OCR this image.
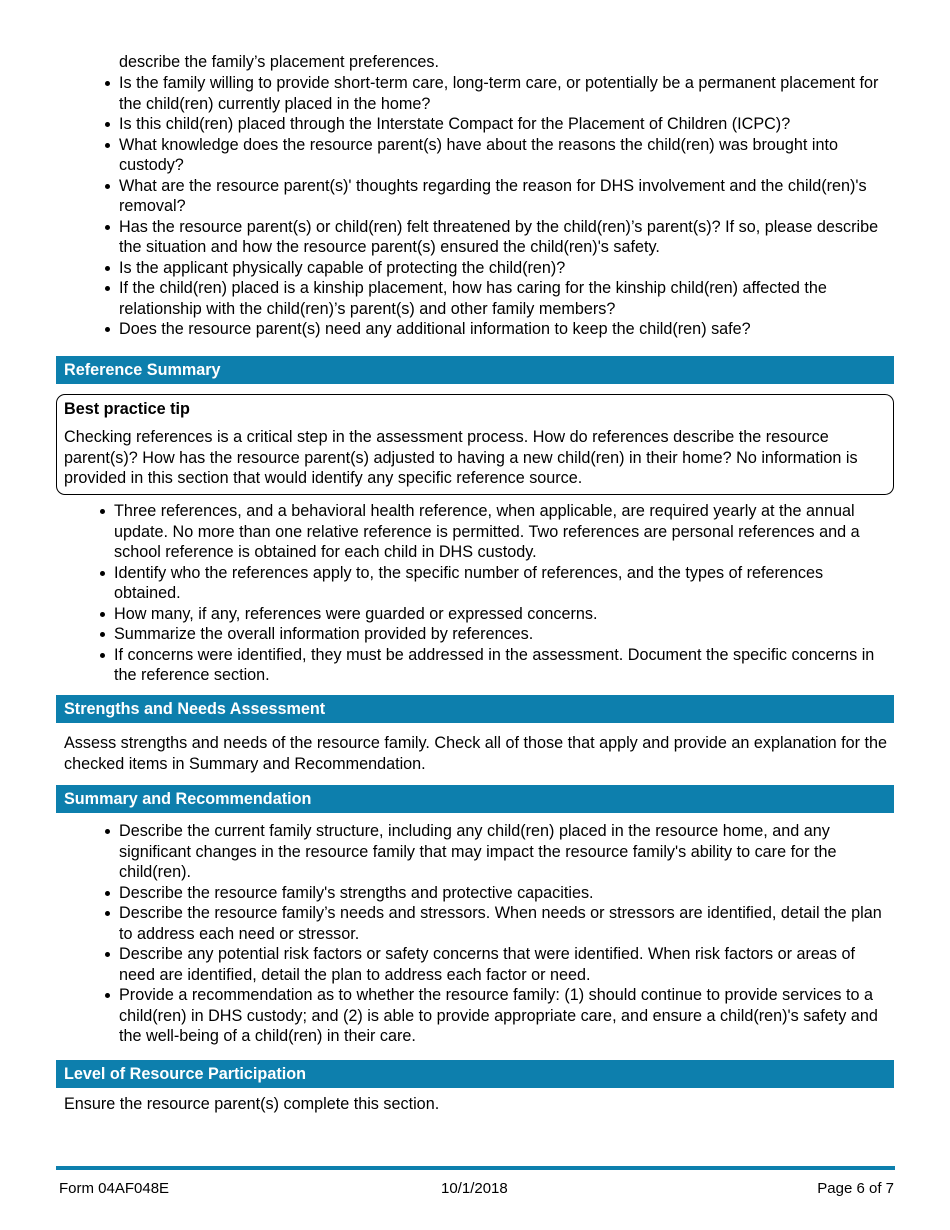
describe the family’s placement preferences.

Is the family willing to provide short-term care, long-term care, or potentially be a permanent placement for the child(ren) currently placed in the home?
Is this child(ren) placed through the Interstate Compact for the Placement of Children (ICPC)?
What knowledge does the resource parent(s) have about the reasons the child(ren) was brought into custody?
What are the resource parent(s)' thoughts regarding the reason for DHS involvement and the child(ren)'s removal?
Has the resource parent(s) or child(ren) felt threatened by the child(ren)’s parent(s)? If so, please describe the situation and how the resource parent(s) ensured the child(ren)'s safety.
Is the applicant physically capable of protecting the child(ren)?
If the child(ren) placed is a kinship placement, how has caring for the kinship child(ren) affected the relationship with the child(ren)’s parent(s) and other family members?
Does the resource parent(s) need any additional information to keep the child(ren) safe?
Reference Summary
Best practice tip

Checking references is a critical step in the assessment process. How do references describe the resource parent(s)? How has the resource parent(s) adjusted to having a new child(ren) in their home? No information is provided in this section that would identify any specific reference source.

Three references, and a behavioral health reference, when applicable, are required yearly at the annual update. No more than one relative reference is permitted. Two references are personal references and a school reference is obtained for each child in DHS custody.
Identify who the references apply to, the specific number of references, and the types of references obtained.
How many, if any, references were guarded or expressed concerns.
Summarize the overall information provided by references.
If concerns were identified, they must be addressed in the assessment. Document the specific concerns in the reference section.
Strengths and Needs Assessment

Assess strengths and needs of the resource family. Check all of those that apply and provide an explanation for the checked items in Summary and Recommendation.

Summary and Recommendation
Describe the current family structure, including any child(ren) placed in the resource home, and any significant changes in the resource family that may impact the resource family's ability to care for the child(ren).
Describe the resource family's strengths and protective capacities.
Describe the resource family’s needs and stressors. When needs or stressors are identified, detail the plan to address each need or stressor.
Describe any potential risk factors or safety concerns that were identified. When risk factors or areas of need are identified, detail the plan to address each factor or need.
Provide a recommendation as to whether the resource family: (1) should continue to provide services to a child(ren) in DHS custody; and (2) is able to provide appropriate care, and ensure a child(ren)'s safety and the well-being of a child(ren) in their care.
Level of Resource Participation

Ensure the resource parent(s) complete this section.

Form 04AF048E	10/1/2018	Page 6 of 7
